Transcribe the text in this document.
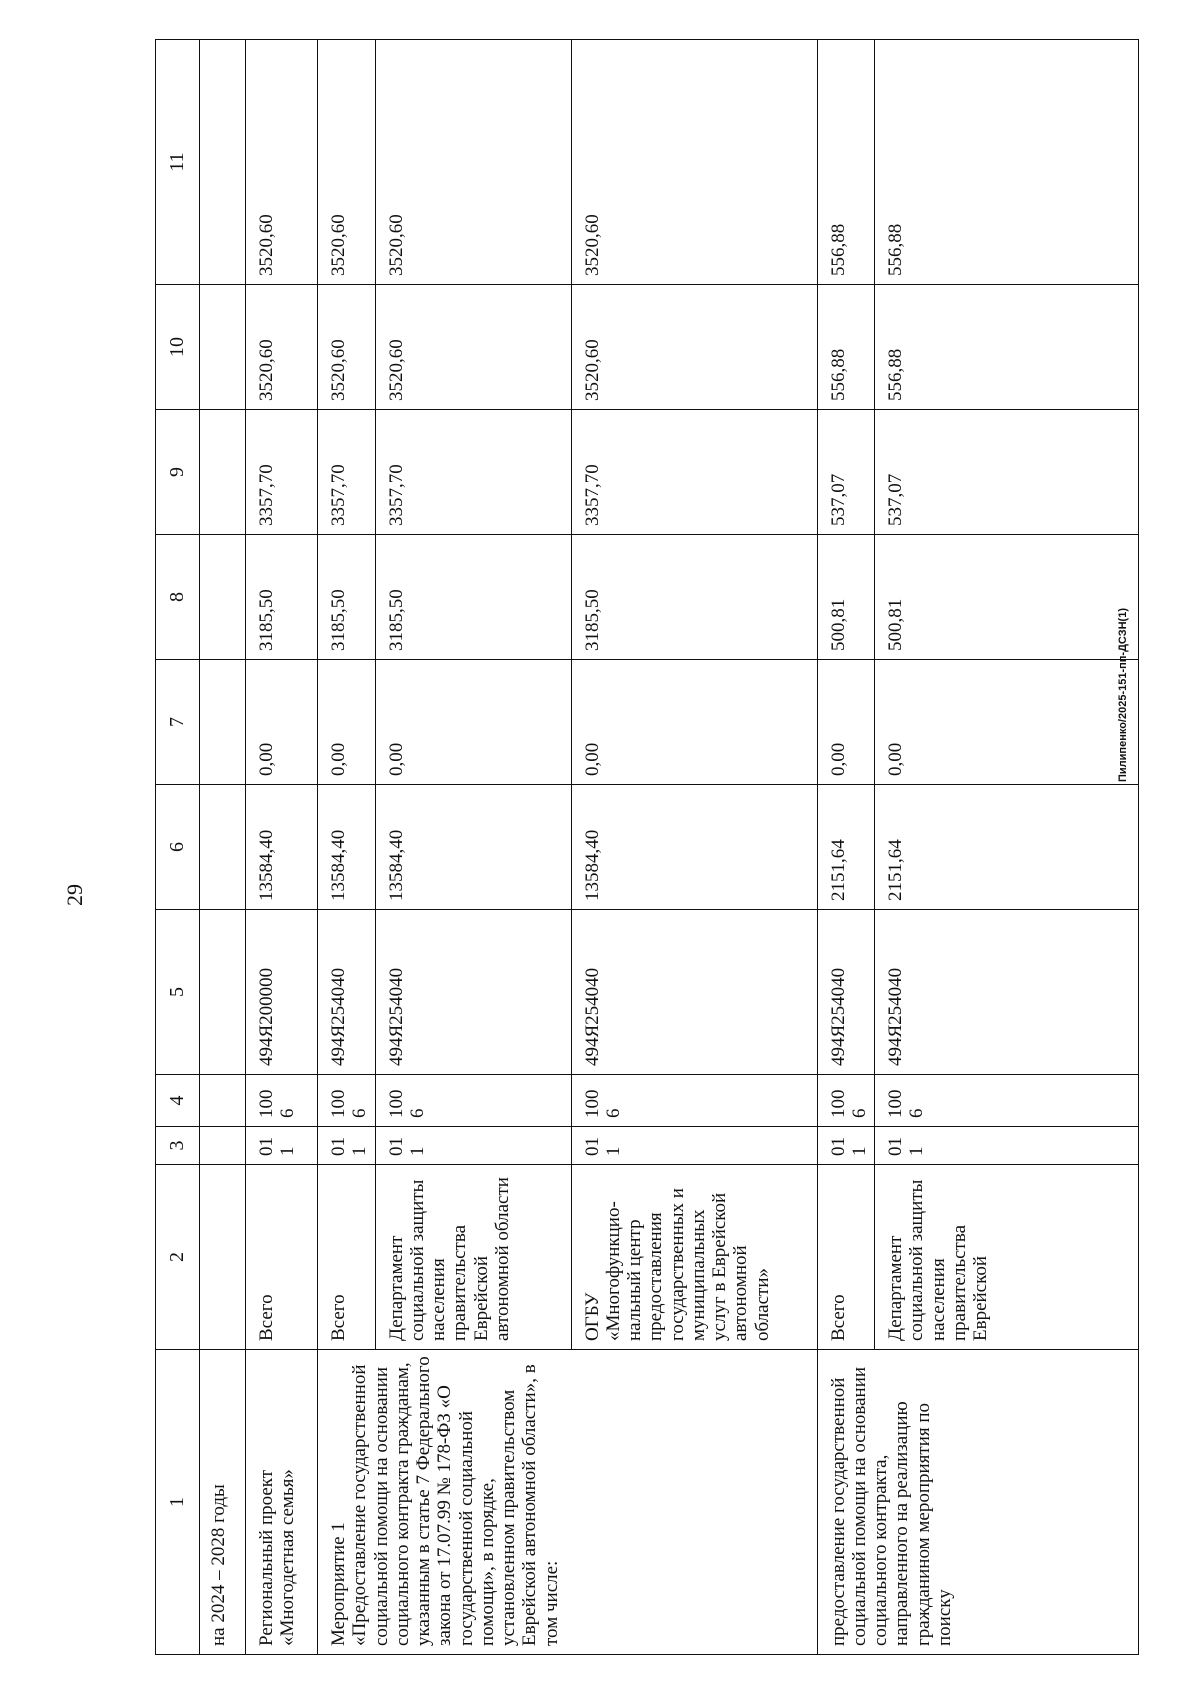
29
Пилипенко/2025-151-пп-ДСЗН(1)
1	2	3	4	5	6	7	8	9	10	11
на 2024 – 2028 годы										
Региональный проект «Многодетная семья»	Всего	011	1006	494Я200000	13584,40	0,00	3185,50	3357,70	3520,60	3520,60
Мероприятие 1
«Предоставление государственной социальной помощи на основании социального контракта гражданам, указанным в статье 7 Федерального закона от 17.07.99 № 178-ФЗ «О государственной социальной помощи», в порядке, установленном правительством Еврейской автономной области», в том числе:	Всего	011	1006	494Я254040	13584,40	0,00	3185,50	3357,70	3520,60	3520,60
	Департамент социальной защиты населения правительства Еврейской автономной области	011	1006	494Я254040	13584,40	0,00	3185,50	3357,70	3520,60	3520,60
	ОГБУ «Многофункцио-нальный центр предоставления государственных и муниципальных услуг в Еврейской автономной области»	011	1006	494Я254040	13584,40	0,00	3185,50	3357,70	3520,60	3520,60
предоставление государственной социальной помощи на основании социального контракта, направленного на реализацию гражданином мероприятия по поиску	Всего	011	1006	494Я254040	2151,64	0,00	500,81	537,07	556,88	556,88
	Департамент социальной защиты населения правительства Еврейской	011	1006	494Я254040	2151,64	0,00	500,81	537,07	556,88	556,88
